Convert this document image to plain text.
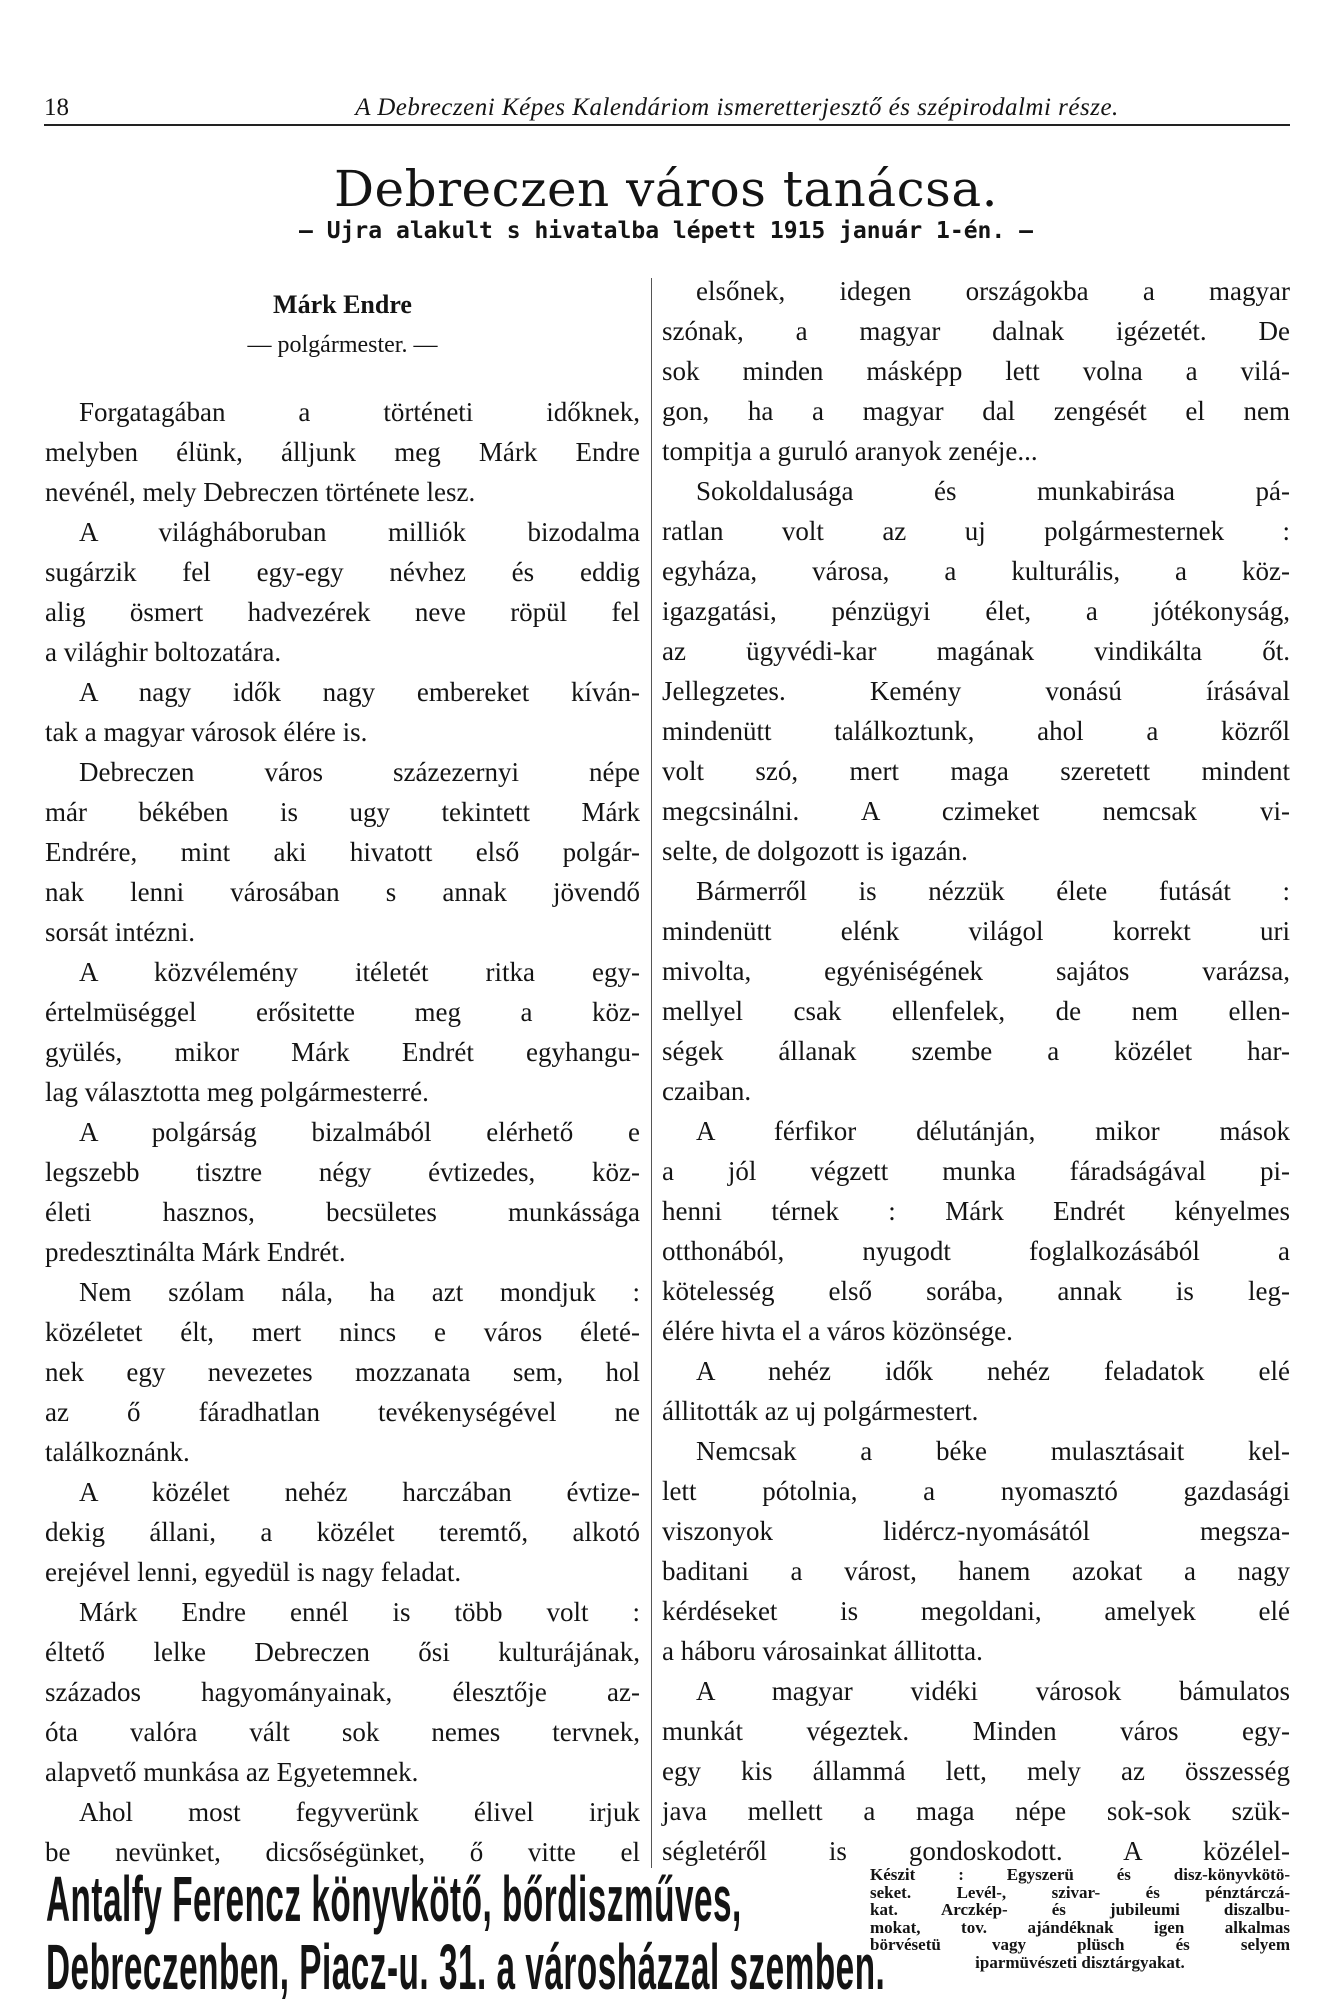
18	A Debreczeni Képes Kalendáriom ismeretterjesztő és szépirodalmi része.
Debreczen város tanácsa.
— Ujra alakult s hivatalba lépett 1915 január 1-én. —
Márk Endre
— polgármester. —
Forgatagában a történeti időknek,
melyben élünk, álljunk meg Márk Endre
nevénél, mely Debreczen története lesz.
A világháboruban milliók bizodalma
sugárzik fel egy-egy névhez és eddig
alig ösmert hadvezérek neve röpül fel
a világhir boltozatára.
A nagy idők nagy embereket kíván-
tak a magyar városok élére is.
Debreczen város százezernyi népe
már békében is ugy tekintett Márk
Endrére, mint aki hivatott első polgár-
nak lenni városában s annak jövendő
sorsát intézni.
A közvélemény itéletét ritka egy-
értelmüséggel erősitette meg a köz-
gyülés, mikor Márk Endrét egyhangu-
lag választotta meg polgármesterré.
A polgárság bizalmából elérhető e
legszebb tisztre négy évtizedes, köz-
életi hasznos, becsületes munkássága
predesztinálta Márk Endrét.
Nem szólam nála, ha azt mondjuk :
közéletet élt, mert nincs e város életé-
nek egy nevezetes mozzanata sem, hol
az ő fáradhatlan tevékenységével ne
találkoznánk.
A közélet nehéz harczában évtize-
dekig állani, a közélet teremtő, alkotó
erejével lenni, egyedül is nagy feladat.
Márk Endre ennél is több volt :
éltető lelke Debreczen ősi kulturájának,
százados hagyományainak, élesztője az-
óta valóra vált sok nemes tervnek,
alapvető munkása az Egyetemnek.
Ahol most fegyverünk élivel irjuk
be nevünket, dicsőségünket, ő vitte el
elsőnek, idegen országokba a magyar
szónak, a magyar dalnak igézetét. De
sok minden másképp lett volna a vilá-
gon, ha a magyar dal zengését el nem
tompitja a guruló aranyok zenéje...
Sokoldalusága és munkabirása pá-
ratlan volt az uj polgármesternek :
egyháza, városa, a kulturális, a köz-
igazgatási, pénzügyi élet, a jótékonyság,
az ügyvédi-kar magának vindikálta őt.
Jellegzetes. Kemény vonású írásával
mindenütt találkoztunk, ahol a közről
volt szó, mert maga szeretett mindent
megcsinálni. A czimeket nemcsak vi-
selte, de dolgozott is igazán.
Bármerről is nézzük élete futását :
mindenütt elénk világol korrekt uri
mivolta, egyéniségének sajátos varázsa,
mellyel csak ellenfelek, de nem ellen-
ségek állanak szembe a közélet har-
czaiban.
A férfikor délutánján, mikor mások
a jól végzett munka fáradságával pi-
henni térnek : Márk Endrét kényelmes
otthonából, nyugodt foglalkozásából a
kötelesség első sorába, annak is leg-
élére hivta el a város közönsége.
A nehéz idők nehéz feladatok elé
állitották az uj polgármestert.
Nemcsak a béke mulasztásait kel-
lett pótolnia, a nyomasztó gazdasági
viszonyok lidércz-nyomásától megsza-
baditani a várost, hanem azokat a nagy
kérdéseket is megoldani, amelyek elé
a háboru városainkat állitotta.
A magyar vidéki városok bámulatos
munkát végeztek. Minden város egy-
egy kis állammá lett, mely az összesség
java mellett a maga népe sok-sok szük-
ségletéről is gondoskodott. A közélel-
Antalfy Ferencz könyvkötő, bőrdiszműves,
Debreczenben, Piacz-u. 31. a városházzal szemben.
Készit : Egyszerü és disz-könyvkötö-
seket. Levél-, szivar- és pénztárczá-
kat. Arczkép- és jubileumi diszalbu-
mokat, tov. ajándéknak igen alkalmas
börvésetü vagy plüsch és selyem
iparmüvészeti disztárgyakat.
